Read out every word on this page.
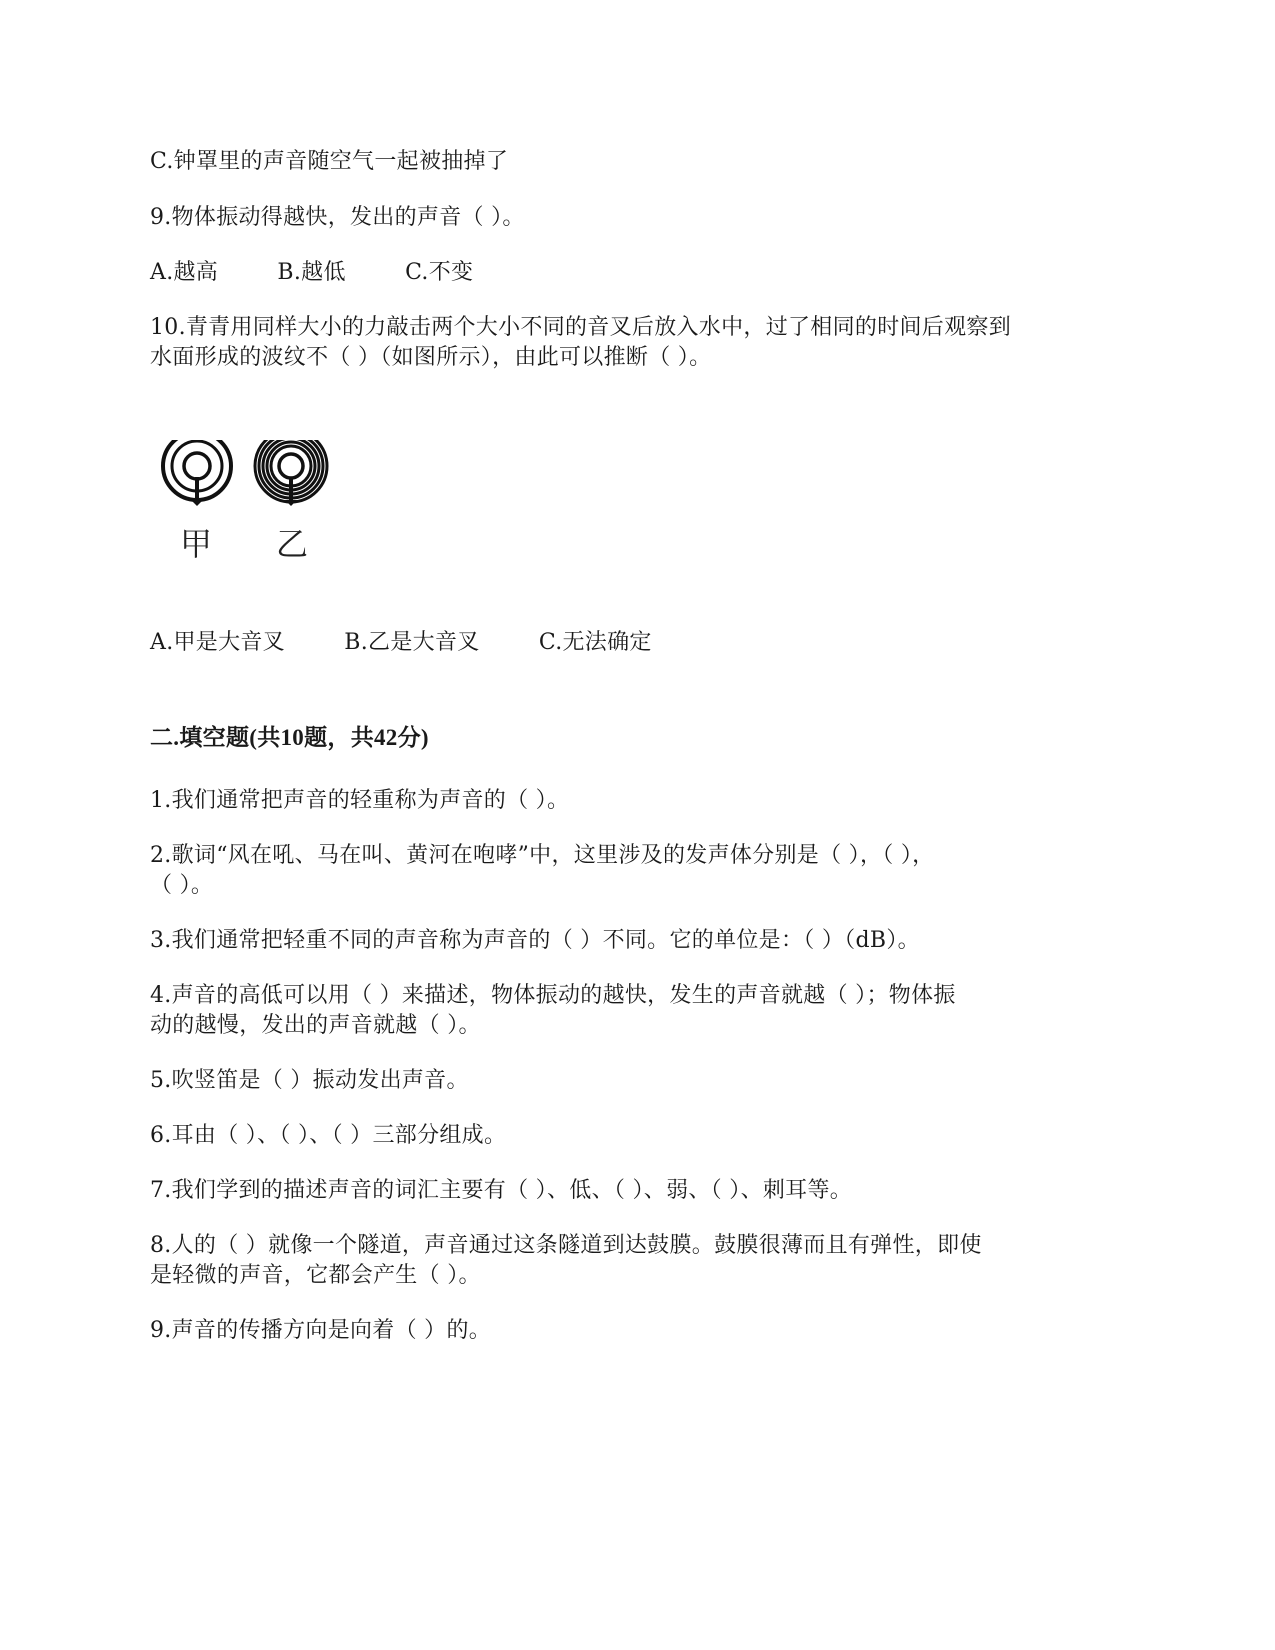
C.钟罩里的声音随空气一起被抽掉了
9.物体振动得越快，发出的声音（ ）。
A.越高	B.越低	C.不变
10.青青用同样大小的力敲击两个大小不同的音叉后放入水中，过了相同的时间后观察到
水面形成的波纹不（ ）（如图所示），由此可以推断（ ）。
甲 乙
A.甲是大音叉	B.乙是大音叉	C.无法确定
二.填空题(共10题，共42分)
1.我们通常把声音的轻重称为声音的（ ）。
2.歌词“风在吼、马在叫、黄河在咆哮”中，这里涉及的发声体分别是（ ），（ ），
（ ）。
3.我们通常把轻重不同的声音称为声音的（ ）不同。它的单位是：（ ）（dB）。
4.声音的高低可以用（ ）来描述，物体振动的越快，发生的声音就越（ ）；物体振
动的越慢，发出的声音就越（ ）。
5.吹竖笛是（ ）振动发出声音。
6.耳由（ ）、（ ）、（ ）三部分组成。
7.我们学到的描述声音的词汇主要有（ ）、低、（ ）、弱、（ ）、刺耳等。
8.人的（ ）就像一个隧道，声音通过这条隧道到达鼓膜。鼓膜很薄而且有弹性，即使
是轻微的声音，它都会产生（ ）。
9.声音的传播方向是向着（ ）的。
